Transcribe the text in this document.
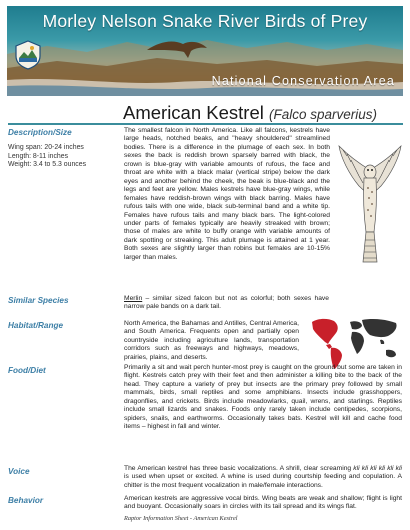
Morley Nelson Snake River Birds of Prey
National Conservation Area
American Kestrel (Falco sparverius)
Description/Size
Wing span: 20-24 inches
Length: 8-11 inches
Weight: 3.4 to 5.3 ounces
The smallest falcon in North America. Like all falcons, kestrels have large heads, notched beaks, and "heavy shouldered" streamlined bodies. There is a difference in the plumage of each sex. In both sexes the back is reddish brown sparsely barred with black, the crown is blue-gray with variable amounts of rufous, the face and throat are white with a black malar (vertical stripe) below the dark eyes and another behind the cheek, the beak is blue-black and the legs and feet are yellow. Males kestrels have blue-gray wings, while females have reddish-brown wings with black barring. Males have rufous tails with one wide, black sub-terminal band and a white tip. Females have rufous tails and many black bars. The light-colored under parts of females typically are heavily streaked with brown; those of males are white to buffy orange with variable amounts of dark spotting or streaking. This adult plumage is attained at 1 year. Both sexes are slightly larger than robins but females are 10-15% larger than males.
Similar Species	Merlin – similar sized falcon but not as colorful; both sexes have narrow pale bands on a dark tail.
Habitat/Range	North America, the Bahamas and Antilles, Central America, and South America. Frequents open and partially open countryside including agriculture lands, transportation corridors such as freeways and highways, meadows, prairies, plains, and deserts.
Food/Diet	Primarily a sit and wait perch hunter-most prey is caught on the ground but some are taken in flight. Kestrels catch prey with their feet and then administer a killing bite to the back of the head. They capture a variety of prey but insects are the primary prey followed by small mammals, birds, small reptiles and some amphibians. Insects include grasshoppers, dragonflies, and crickets. Birds include meadowlarks, quail, wrens, and starlings. Reptiles include small lizards and snakes. Foods only rarely taken include centipedes, scorpions, spiders, snails, and earthworms. Occasionally takes bats. Kestrel will kill and cache food items – highest in fall and winter.
Voice	The American kestrel has three basic vocalizations. A shrill, clear screaming kli kli kli kli kli kli is used when upset or excited. A whine is used during courtship feeding and copulation. A chitter is the most frequent vocalization in male/female interactions.
Behavior	American kestrels are aggressive vocal birds. Wing beats are weak and shallow; flight is light and buoyant. Occasionally soars in circles with its tail spread and its wings flat.
Raptor Information Sheet - American Kestrel
